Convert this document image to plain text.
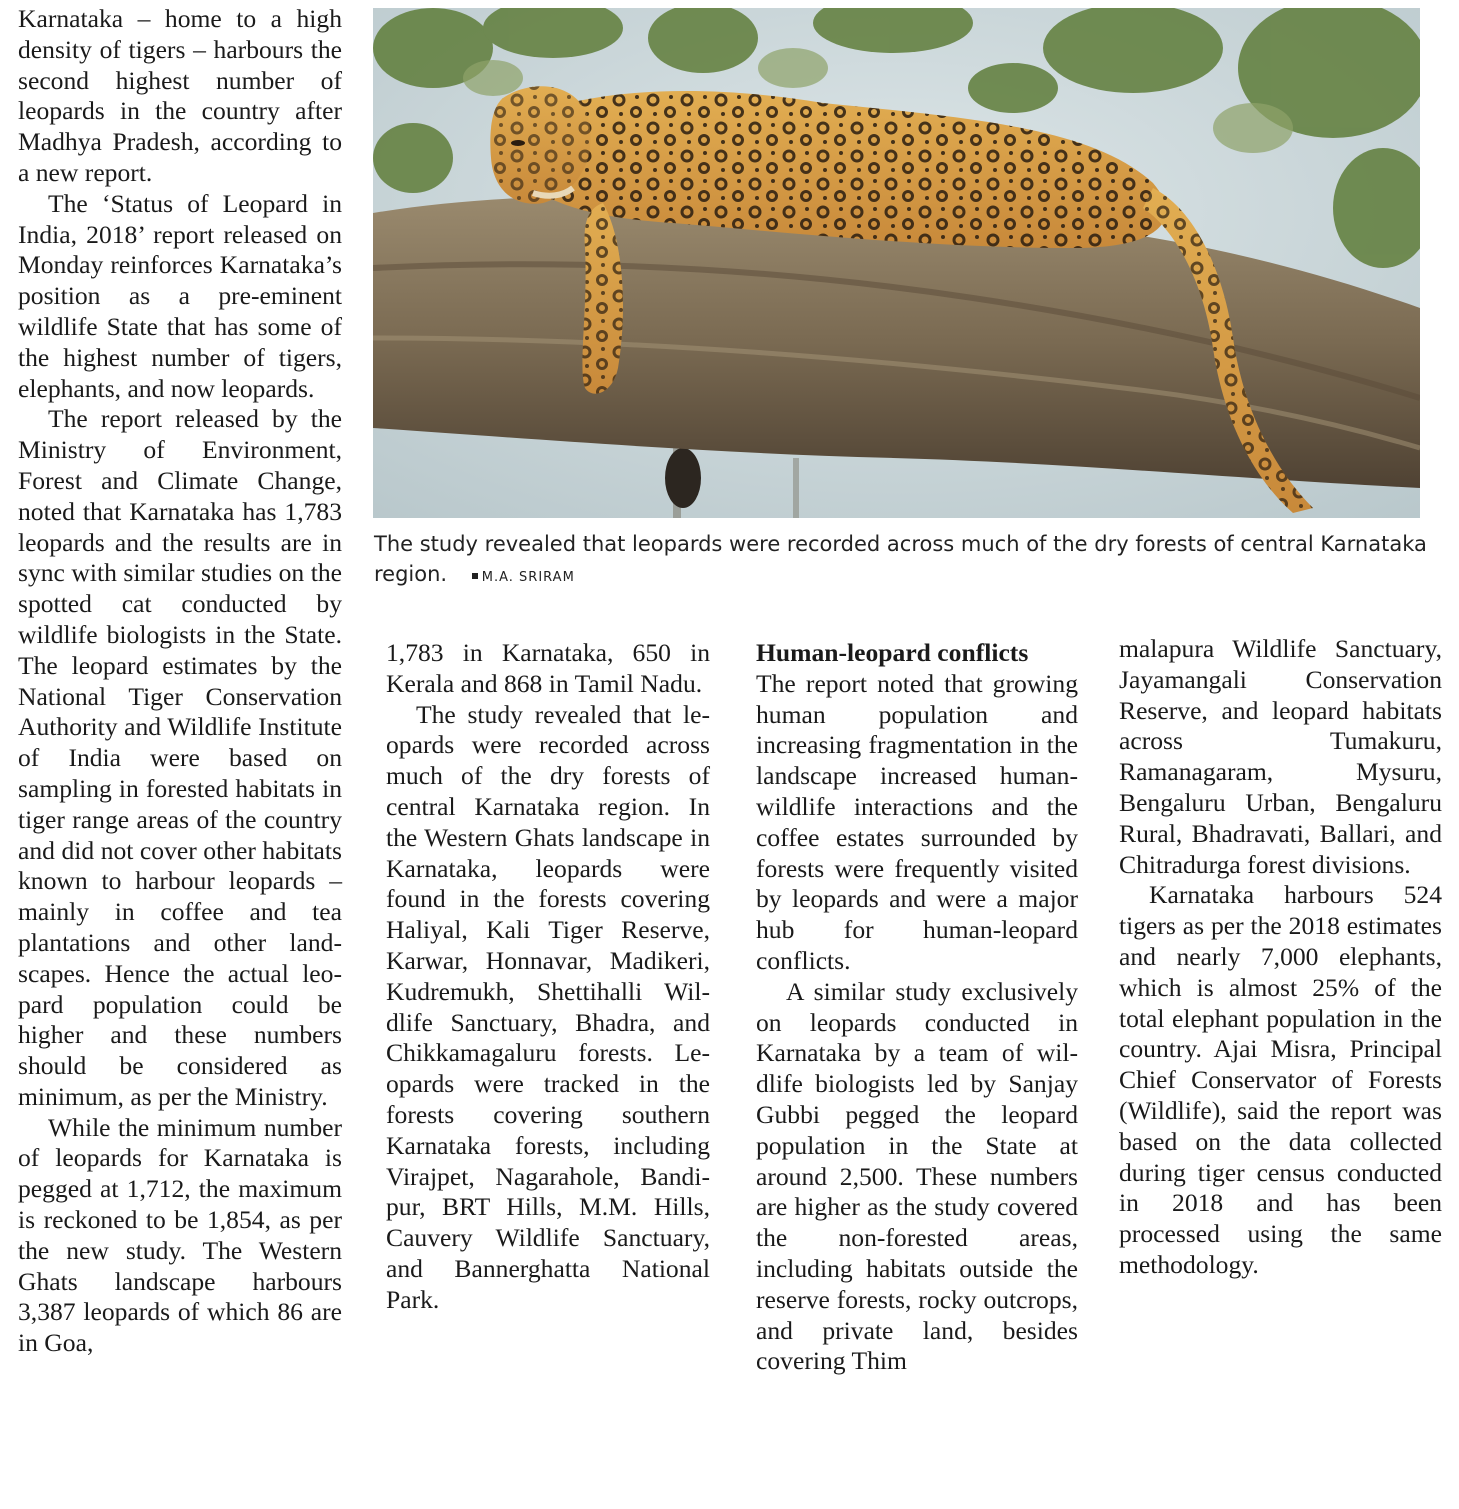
Karnataka – home to a high density of tigers – harbours the second highest number of leopards in the country after Madhya Pradesh, according to a new report.

The ‘Status of Leopard in India, 2018’ report released on Monday reinforces Karnataka’s position as a pre-eminent wildlife State that has some of the highest number of tigers, elephants, and now leopards.

The report released by the Ministry of Environment, Forest and Climate Change, noted that Karnataka has 1,783 leopards and the results are in sync with similar studies on the spotted cat conducted by wildlife biologists in the State. The leopard estimates by the National Tiger Conservation Authority and Wildlife Institute of India were based on sampling in forested habitats in tiger range areas of the country and did not cover other habitats known to harbour leopards – mainly in coffee and tea plantations and other landscapes. Hence the actual leopard population could be higher and these numbers should be considered as minimum, as per the Ministry.

While the minimum number of leopards for Karnataka is pegged at 1,712, the maximum is reckoned to be 1,854, as per the new study. The Western Ghats landscape harbours 3,387 leopards of which 86 are in Goa,

The study revealed that leopards were recorded across much of the dry forests of central Karnataka region.	M.A. SRIRAM

1,783 in Karnataka, 650 in Kerala and 868 in Tamil Nadu.

The study revealed that leopards were recorded across much of the dry forests of central Karnataka region. In the Western Ghats landscape in Karnataka, leopards were found in the forests covering Haliyal, Kali Tiger Reserve, Karwar, Honnavar, Madikeri, Kudremukh, Shettihalli Wildlife Sanctuary, Bhadra, and Chikkamagaluru forests. Leopards were tracked in the forests covering southern Karnataka forests, including Virajpet, Nagarahole, Bandipur, BRT Hills, M.M. Hills, Cauvery Wildlife Sanctuary, and Bannerghatta National Park.

Human-leopard conflicts

The report noted that growing human population and increasing fragmentation in the landscape increased human-wildlife interactions and the coffee estates surrounded by forests were frequently visited by leopards and were a major hub for human-leopard conflicts.

A similar study exclusively on leopards conducted in Karnataka by a team of wildlife biologists led by Sanjay Gubbi pegged the leopard population in the State at around 2,500. These numbers are higher as the study covered the non-forested areas, including habitats outside the reserve forests, rocky outcrops, and private land, besides covering Thim

malapura Wildlife Sanctuary, Jayamangali Conservation Reserve, and leopard habitats across Tumakuru, Ramanagaram, Mysuru, Bengaluru Urban, Bengaluru Rural, Bhadravati, Ballari, and Chitradurga forest divisions.

Karnataka harbours 524 tigers as per the 2018 estimates and nearly 7,000 elephants, which is almost 25% of the total elephant population in the country. Ajai Misra, Principal Chief Conservator of Forests (Wildlife), said the report was based on the data collected during tiger census conducted in 2018 and has been processed using the same methodology.
